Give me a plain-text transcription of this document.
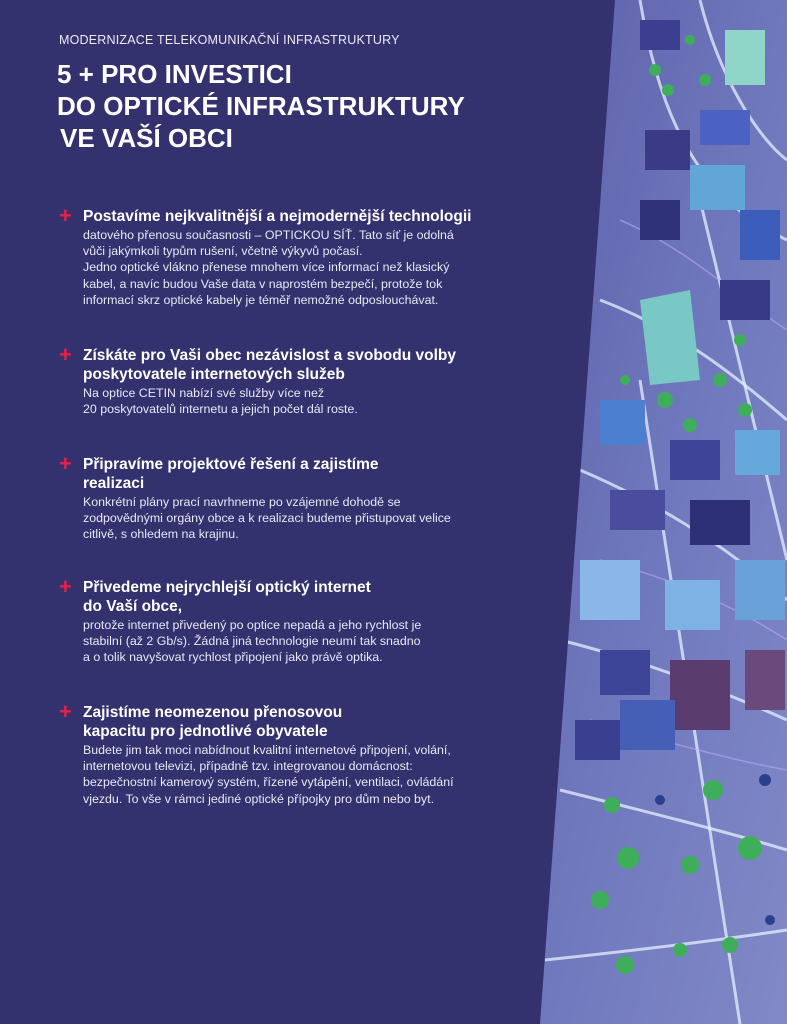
MODERNIZACE TELEKOMUNIKAČNÍ INFRASTRUKTURY
5 + PRO INVESTICI
DO OPTICKÉ INFRASTRUKTURY
VE VAŠÍ OBCI
+ Postavíme nejkvalitnější a nejmodernější technologii

datového přenosu současnosti – OPTICKOU SÍŤ. Tato síť je odolná
vůči jakýmkoli typům rušení, včetně výkyvů počasí.
Jedno optické vlákno přenese mnohem více informací než klasický
kabel, a navíc budou Vaše data v naprostém bezpečí, protože tok
informací skrz optické kabely je téměř nemožné odposlouchávat.

+ Získáte pro Vaši obec nezávislost a svobodu volby
poskytovatele internetových služeb

Na optice CETIN nabízí své služby více než
20 poskytovatelů internetu a jejich počet dál roste.

+ Připravíme projektové řešení a zajistíme
realizaci

Konkrétní plány prací navrhneme po vzájemné dohodě se
zodpovědnými orgány obce a k realizaci budeme přistupovat velice
citlivě, s ohledem na krajinu.

+ Přivedeme nejrychlejší optický internet
do Vaší obce,

protože internet přivedený po optice nepadá a jeho rychlost je
stabilní (až 2 Gb/s). Žádná jiná technologie neumí tak snadno
a o tolik navyšovat rychlost připojení jako právě optika.

+ Zajistíme neomezenou přenosovou
kapacitu pro jednotlivé obyvatele

Budete jim tak moci nabídnout kvalitní internetové připojení, volání,
internetovou televizi, případně tzv. integrovanou domácnost:
bezpečnostní kamerový systém, řízené vytápění, ventilaci, ovládání
vjezdu. To vše v rámci jediné optické přípojky pro dům nebo byt.
